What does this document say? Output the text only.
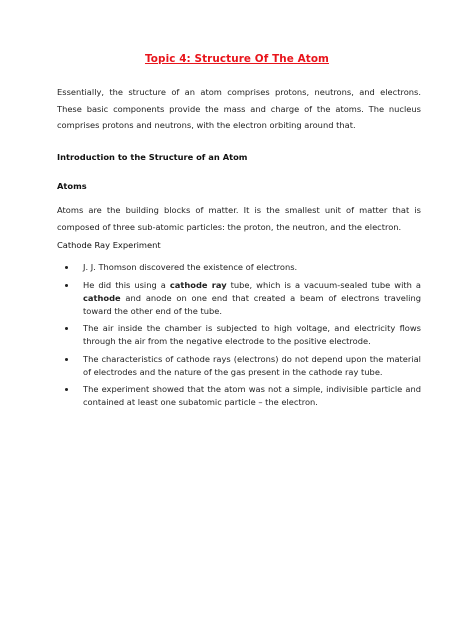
Topic 4: Structure Of The Atom
Essentially, the structure of an atom comprises protons, neutrons, and electrons. These basic components provide the mass and charge of the atoms. The nucleus comprises protons and neutrons, with the electron orbiting around that.
Introduction to the Structure of an Atom
Atoms
Atoms are the building blocks of matter. It is the smallest unit of matter that is composed of three sub-atomic particles: the proton, the neutron, and the electron.
Cathode Ray Experiment
J. J. Thomson discovered the existence of electrons.
He did this using a cathode ray tube, which is a vacuum-sealed tube with a cathode and anode on one end that created a beam of electrons traveling toward the other end of the tube.
The air inside the chamber is subjected to high voltage, and electricity flows through the air from the negative electrode to the positive electrode.
The characteristics of cathode rays (electrons) do not depend upon the material of electrodes and the nature of the gas present in the cathode ray tube.
The experiment showed that the atom was not a simple, indivisible particle and contained at least one subatomic particle – the electron.
